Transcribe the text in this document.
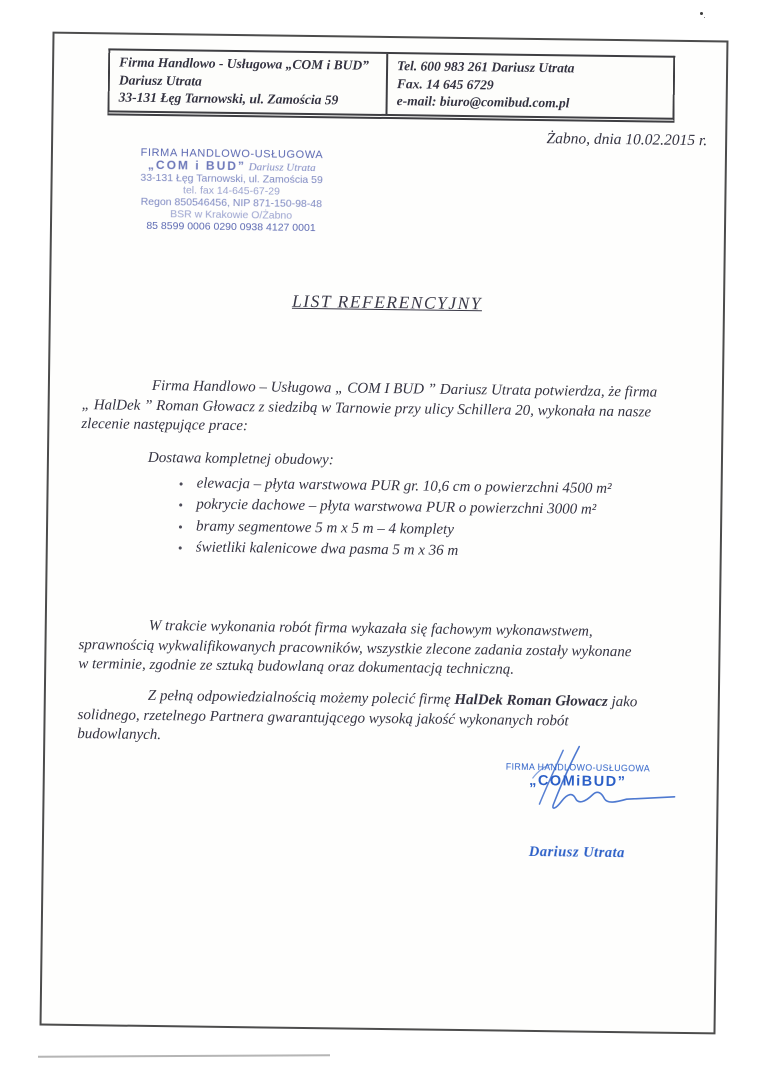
Firma Handlowo - Usługowa „COM i BUD”
Dariusz Utrata
33-131 Łęg Tarnowski, ul. Zamościa 59
Tel. 600 983 261 Dariusz Utrata
Fax. 14 645 6729
e-mail: biuro@comibud.com.pl
Żabno, dnia 10.02.2015 r.
FIRMA HANDLOWO-USŁUGOWA
„COM i BUD” Dariusz Utrata
33-131 Łęg Tarnowski, ul. Zamościa 59
tel. fax 14-645-67-29
Regon 850546456, NIP 871-150-98-48
BSR w Krakowie O/Żabno
85 8599 0006 0290 0938 4127 0001
LIST REFERENCYJNY
Firma Handlowo – Usługowa „ COM I BUD ” Dariusz Utrata potwierdza, że firma
„ HalDek ” Roman Głowacz z siedzibą w Tarnowie przy ulicy Schillera 20, wykonała na nasze
zlecenie następujące prace:
Dostawa kompletnej obudowy:
• elewacja – płyta warstwowa PUR gr. 10,6 cm o powierzchni 4500 m²
• pokrycie dachowe – płyta warstwowa PUR o powierzchni 3000 m²
• bramy segmentowe 5 m x 5 m – 4 komplety
• świetliki kalenicowe dwa pasma 5 m x 36 m
W trakcie wykonania robót firma wykazała się fachowym wykonawstwem,
sprawnością wykwalifikowanych pracowników, wszystkie zlecone zadania zostały wykonane
w terminie, zgodnie ze sztuką budowlaną oraz dokumentacją techniczną.
Z pełną odpowiedzialnością możemy polecić firmę HalDek Roman Głowacz jako
solidnego, rzetelnego Partnera gwarantującego wysoką jakość wykonanych robót
budowlanych.
FIRMA HANDLOWO-USŁUGOWA
„COMiBUD”
Dariusz Utrata
